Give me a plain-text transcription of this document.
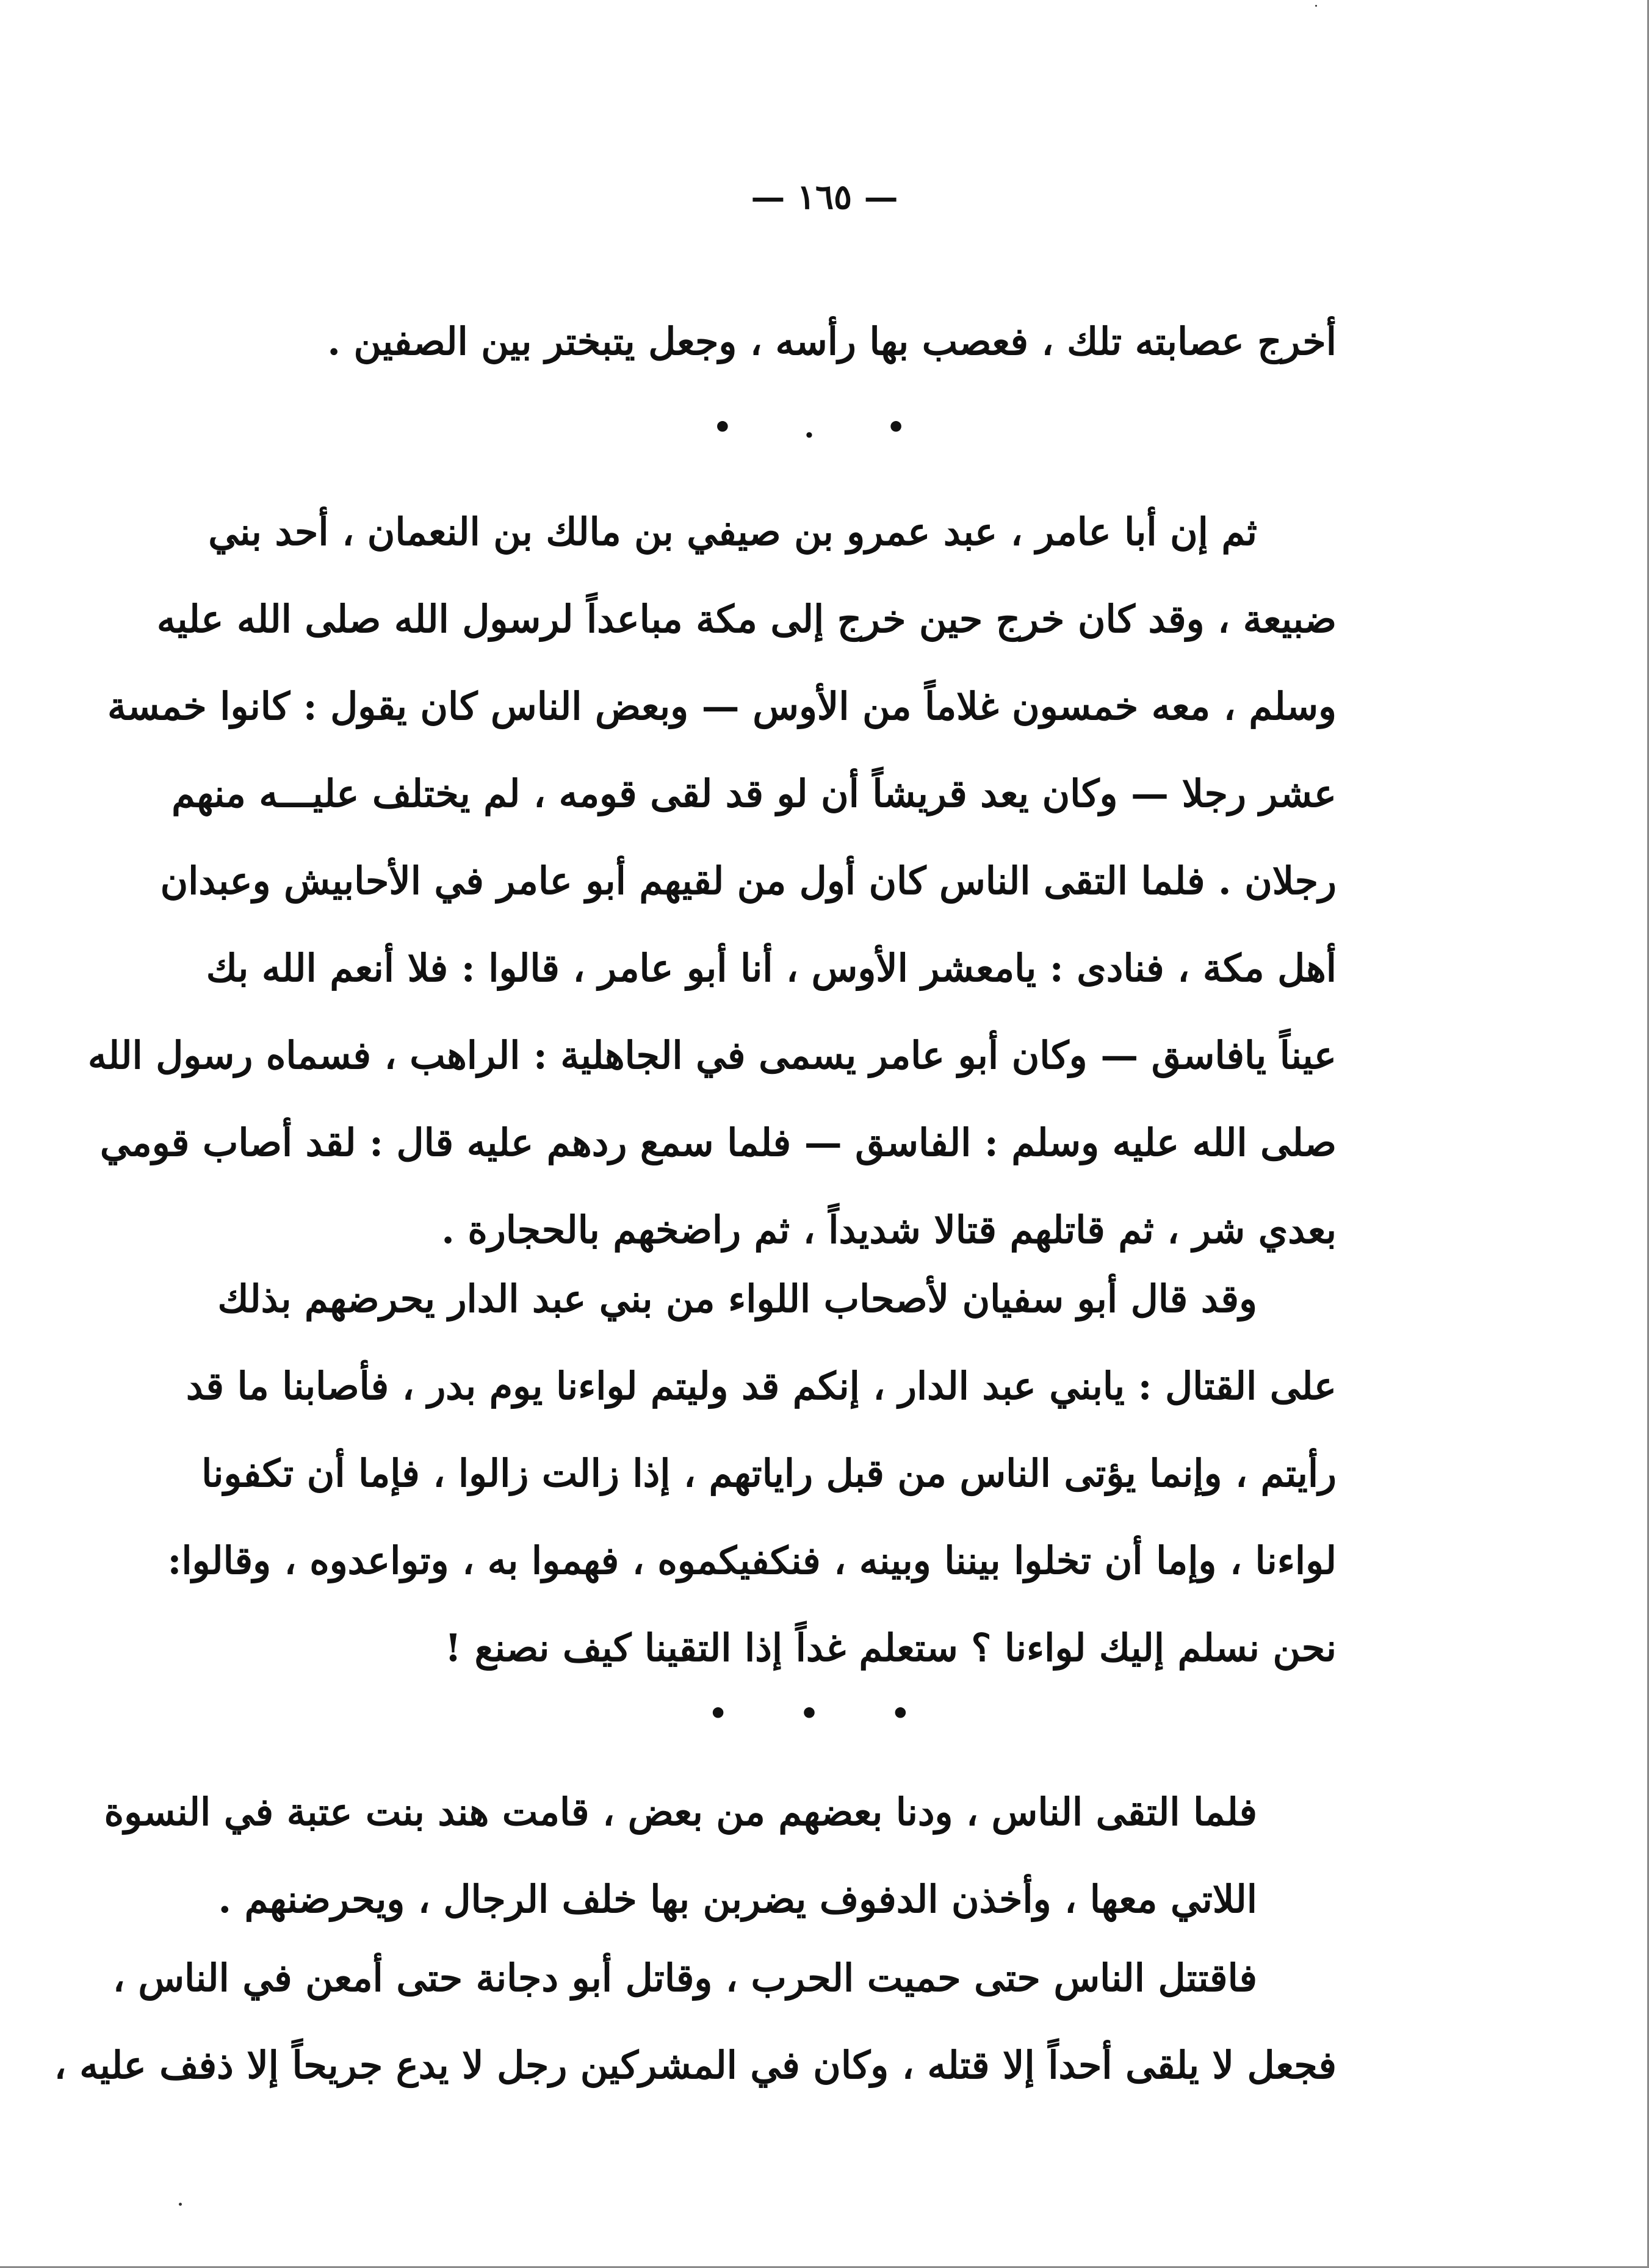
— ١٦٥ —
أخرج عصابته تلك ، فعصب بها رأسه ، وجعل يتبختر بين الصفين .
• . •
ثم إن أبا عامر ، عبد عمرو بن صيفي بن مالك بن النعمان ، أحد بني
ضبيعة ، وقد كان خرج حين خرج إلى مكة مباعداً لرسول الله صلى الله عليه
وسلم ، معه خمسون غلاماً من الأوس — وبعض الناس كان يقول : كانوا خمسة
عشر رجلا — وكان يعد قريشاً أن لو قد لقى قومه ، لم يختلف عليـــه منهم
رجلان . فلما التقى الناس كان أول من لقيهم أبو عامر في الأحابيش وعبدان
أهل مكة ، فنادى : يامعشر الأوس ، أنا أبو عامر ، قالوا : فلا أنعم الله بك
عيناً يافاسق — وكان أبو عامر يسمى في الجاهلية : الراهب ، فسماه رسول الله
صلى الله عليه وسلم : الفاسق — فلما سمع ردهم عليه قال : لقد أصاب قومي
بعدي شر ، ثم قاتلهم قتالا شديداً ، ثم راضخهم بالحجارة .
وقد قال أبو سفيان لأصحاب اللواء من بني عبد الدار يحرضهم بذلك
على القتال : يابني عبد الدار ، إنكم قد وليتم لواءنا يوم بدر ، فأصابنا ما قد
رأيتم ، وإنما يؤتى الناس من قبل راياتهم ، إذا زالت زالوا ، فإما أن تكفونا
لواءنا ، وإما أن تخلوا بيننا وبينه ، فنكفيكموه ، فهموا به ، وتواعدوه ، وقالوا:
نحن نسلم إليك لواءنا ؟ ستعلم غداً إذا التقينا كيف نصنع !
• • •
فلما التقى الناس ، ودنا بعضهم من بعض ، قامت هند بنت عتبة في النسوة
اللاتي معها ، وأخذن الدفوف يضربن بها خلف الرجال ، ويحرضنهم .
فاقتتل الناس حتى حميت الحرب ، وقاتل أبو دجانة حتى أمعن في الناس ،
فجعل لا يلقى أحداً إلا قتله ، وكان في المشركين رجل لا يدع جريحاً إلا ذفف عليه ،
